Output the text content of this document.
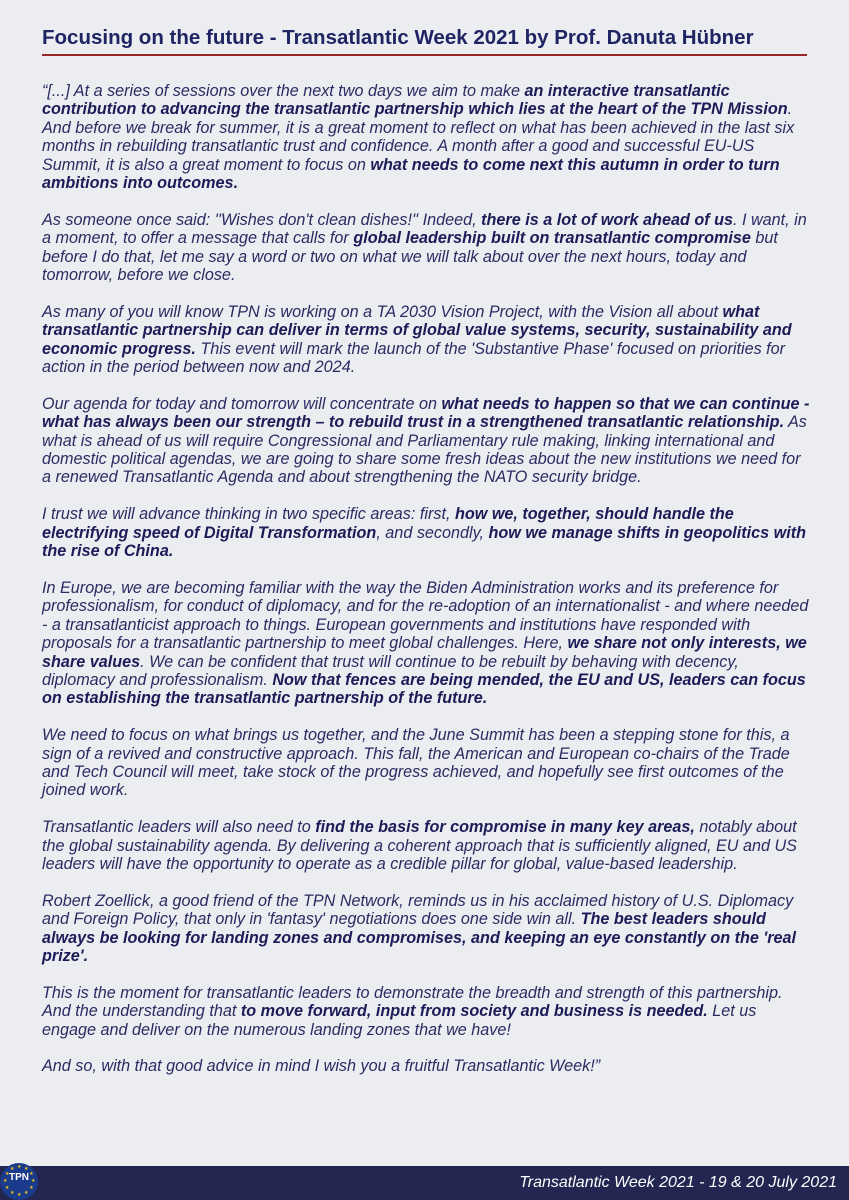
Focusing on the future - Transatlantic Week 2021 by Prof. Danuta Hübner

“[...] At a series of sessions over the next two days we aim to make an interactive transatlantic contribution to advancing the transatlantic partnership which lies at the heart of the TPN Mission. And before we break for summer, it is a great moment to reflect on what has been achieved in the last six months in rebuilding transatlantic trust and confidence. A month after a good and successful EU-US Summit, it is also a great moment to focus on what needs to come next this autumn in order to turn ambitions into outcomes.

As someone once said: ''Wishes don't clean dishes!'' Indeed, there is a lot of work ahead of us. I want, in a moment, to offer a message that calls for global leadership built on transatlantic compromise but before I do that, let me say a word or two on what we will talk about over the next hours, today and tomorrow, before we close.

As many of you will know TPN is working on a TA 2030 Vision Project, with the Vision all about what transatlantic partnership can deliver in terms of global value systems, security, sustainability and economic progress. This event will mark the launch of the 'Substantive Phase' focused on priorities for action in the period between now and 2024.

Our agenda for today and tomorrow will concentrate on what needs to happen so that we can continue - what has always been our strength – to rebuild trust in a strengthened transatlantic relationship. As what is ahead of us will require Congressional and Parliamentary rule making, linking international and domestic political agendas, we are going to share some fresh ideas about the new institutions we need for a renewed Transatlantic Agenda and about strengthening the NATO security bridge.

I trust we will advance thinking in two specific areas: first, how we, together, should handle the electrifying speed of Digital Transformation, and secondly, how we manage shifts in geopolitics with the rise of China.

In Europe, we are becoming familiar with the way the Biden Administration works and its preference for professionalism, for conduct of diplomacy, and for the re-adoption of an internationalist - and where needed - a transatlanticist approach to things. European governments and institutions have responded with proposals for a transatlantic partnership to meet global challenges. Here, we share not only interests, we share values. We can be confident that trust will continue to be rebuilt by behaving with decency, diplomacy and professionalism. Now that fences are being mended, the EU and US, leaders can focus on establishing the transatlantic partnership of the future.

We need to focus on what brings us together, and the June Summit has been a stepping stone for this, a sign of a revived and constructive approach. This fall, the American and European co-chairs of the Trade and Tech Council will meet, take stock of the progress achieved, and hopefully see first outcomes of the joined work.

Transatlantic leaders will also need to find the basis for compromise in many key areas, notably about the global sustainability agenda. By delivering a coherent approach that is sufficiently aligned, EU and US leaders will have the opportunity to operate as a credible pillar for global, value-based leadership.

Robert Zoellick, a good friend of the TPN Network, reminds us in his acclaimed history of U.S. Diplomacy and Foreign Policy, that only in 'fantasy' negotiations does one side win all. The best leaders should always be looking for landing zones and compromises, and keeping an eye constantly on the 'real prize'.

This is the moment for transatlantic leaders to demonstrate the breadth and strength of this partnership. And the understanding that to move forward, input from society and business is needed. Let us engage and deliver on the numerous landing zones that we have!

And so, with that good advice in mind I wish you a fruitful Transatlantic Week!”

Transatlantic Week 2021 - 19 & 20 July 2021
TPN ★
★
★
★
★
★
★
★
★ ★ ★
★
